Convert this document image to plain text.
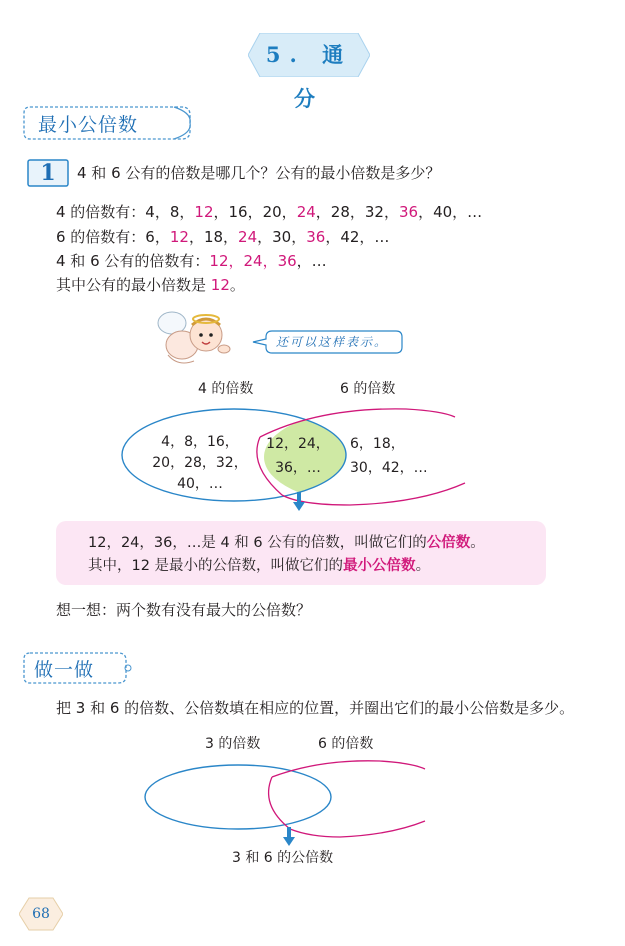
5. 通 分
最小公倍数
1	4 和 6 公有的倍数是哪几个？公有的最小倍数是多少？
4 的倍数有：4，8，12，16，20，24，28，32，36，40，…
6 的倍数有：6，12，18，24，30，36，42，…
4 和 6 公有的倍数有：12，24，36，…
其中公有的最小倍数是 12。
还可以这样表示。
4 的倍数	6 的倍数
4，8，16，
20，28，32，
40，…
12，24，
36，…
6，18，
30，42，…
12，24，36，…是 4 和 6 公有的倍数，叫做它们的公倍数。
其中，12 是最小的公倍数，叫做它们的最小公倍数。
想一想：两个数有没有最大的公倍数？
做一做
把 3 和 6 的倍数、公倍数填在相应的位置，并圈出它们的最小公倍数是多少。
3 的倍数	6 的倍数
3 和 6 的公倍数
68
